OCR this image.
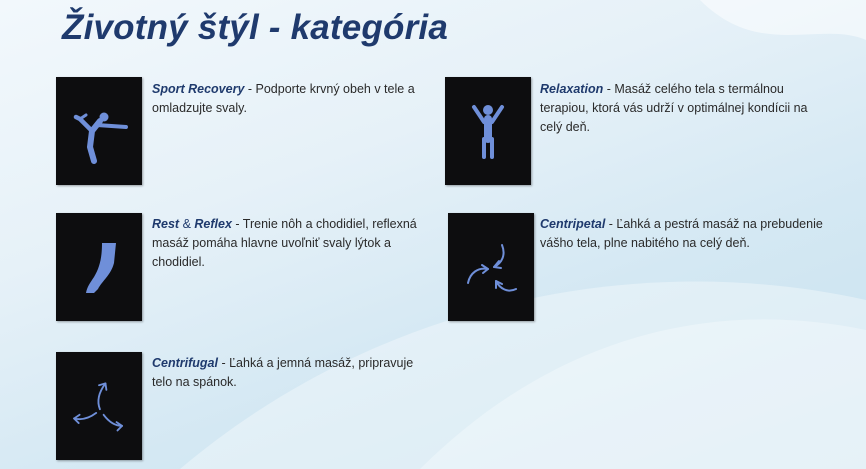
Životný štýl - kategória
Sport Recovery - Podporte krvný obeh v tele a omladzujte svaly.
Relaxation - Masáž celého tela s termálnou terapiou, ktorá vás udrží v optimálnej kondícii na celý deň.
Rest & Reflex - Trenie nôh a chodidiel, reflexná masáž pomáha hlavne uvoľniť svaly lýtok a chodidiel.
Centripetal - Ľahká a pestrá masáž na prebudenie vášho tela, plne nabitého na celý deň.
Centrifugal - Ľahká a jemná masáž, pripravuje telo na spánok.
